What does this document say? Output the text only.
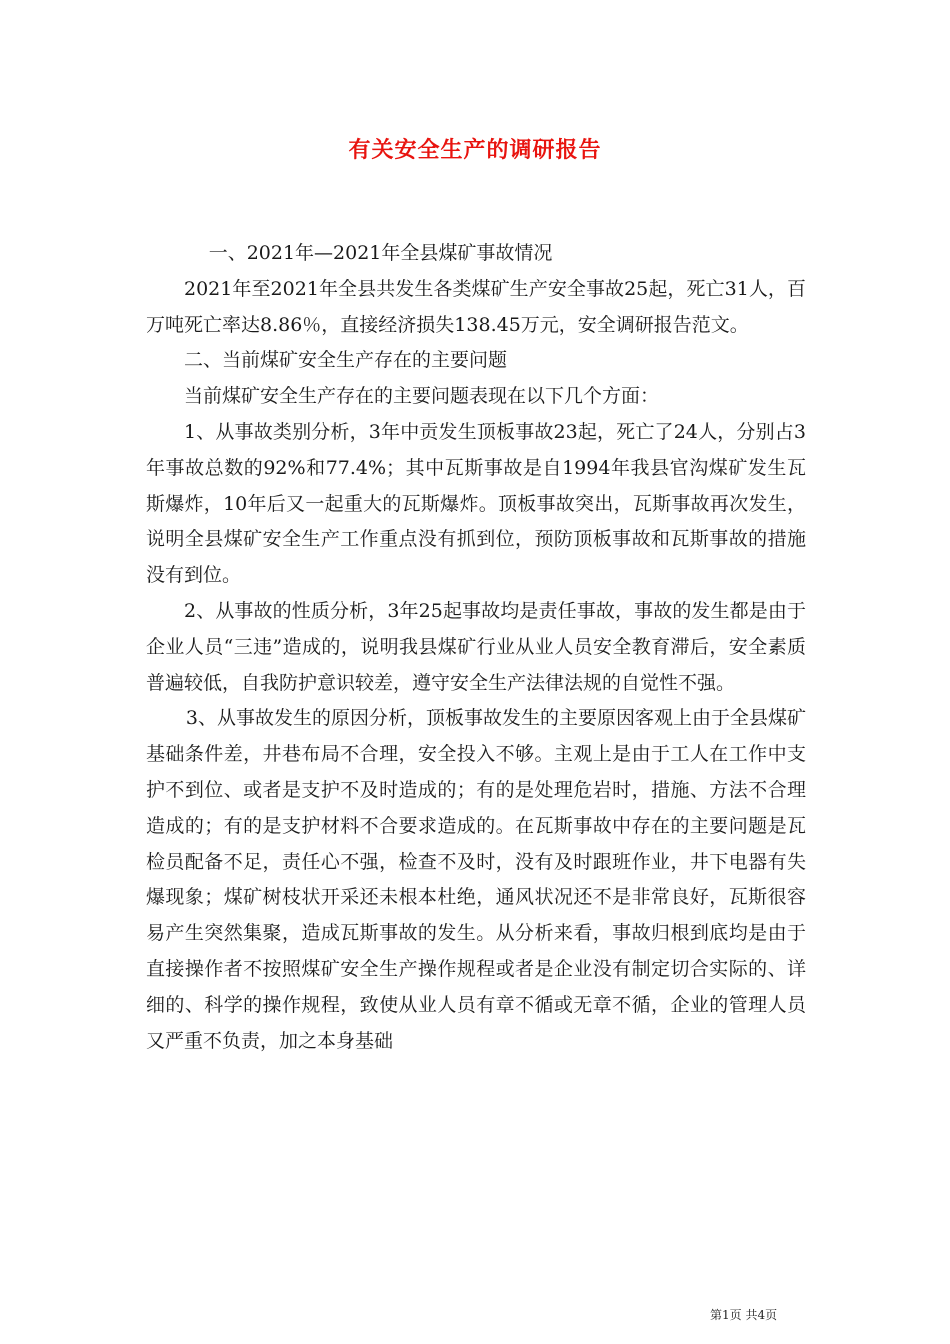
有关安全生产的调研报告

一、2021年—2021年全县煤矿事故情况

2021年至2021年全县共发生各类煤矿生产安全事故25起，死亡31人，百万吨死亡率达8.86％，直接经济损失138.45万元，安全调研报告范文。

二、当前煤矿安全生产存在的主要问题

当前煤矿安全生产存在的主要问题表现在以下几个方面：

1、从事故类别分析，3年中贡发生顶板事故23起，死亡了24人，分别占3年事故总数的92%和77.4%；其中瓦斯事故是自1994年我县官沟煤矿发生瓦斯爆炸，10年后又一起重大的瓦斯爆炸。顶板事故突出，瓦斯事故再次发生，说明全县煤矿安全生产工作重点没有抓到位，预防顶板事故和瓦斯事故的措施没有到位。

2、从事故的性质分析，3年25起事故均是责任事故，事故的发生都是由于企业人员“三违”造成的，说明我县煤矿行业从业人员安全教育滞后，安全素质普遍较低，自我防护意识较差，遵守安全生产法律法规的自觉性不强。

3、从事故发生的原因分析，顶板事故发生的主要原因客观上由于全县煤矿基础条件差，井巷布局不合理，安全投入不够。主观上是由于工人在工作中支护不到位、或者是支护不及时造成的；有的是处理危岩时，措施、方法不合理造成的；有的是支护材料不合要求造成的。在瓦斯事故中存在的主要问题是瓦检员配备不足，责任心不强，检查不及时，没有及时跟班作业，井下电器有失爆现象；煤矿树枝状开采还未根本杜绝，通风状况还不是非常良好，瓦斯很容易产生突然集聚，造成瓦斯事故的发生。从分析来看，事故归根到底均是由于直接操作者不按照煤矿安全生产操作规程或者是企业没有制定切合实际的、详细的、科学的操作规程，致使从业人员有章不循或无章不循，企业的管理人员又严重不负责，加之本身基础

第1页 共4页
